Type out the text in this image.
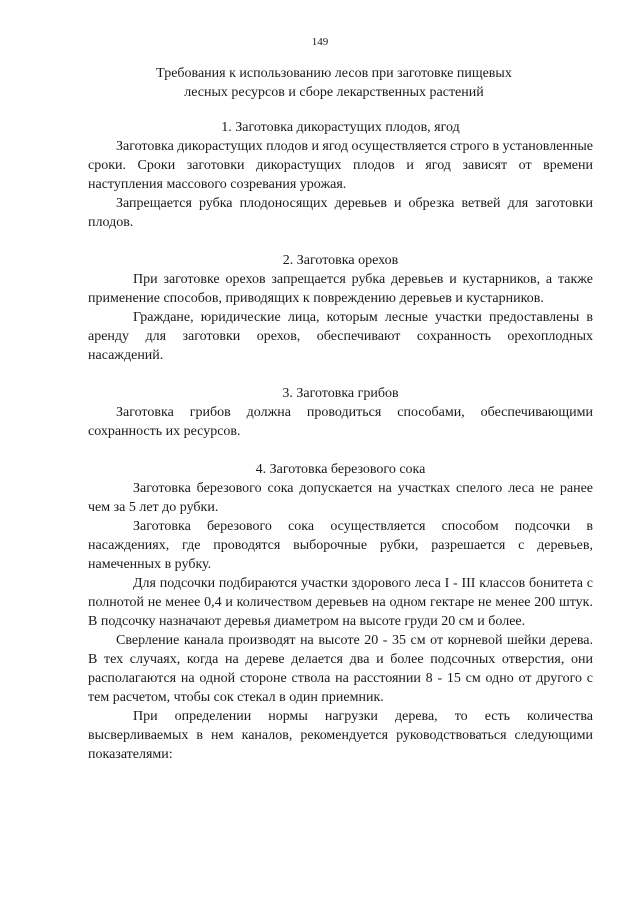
149
Требования к использованию лесов при заготовке пищевых
лесных ресурсов и сборе лекарственных растений
1. Заготовка дикорастущих плодов, ягод

Заготовка дикорастущих плодов и ягод осуществляется строго в установленные сроки. Сроки заготовки дикорастущих плодов и ягод зависят от времени наступления массового созревания урожая.

Запрещается рубка плодоносящих деревьев и обрезка ветвей для заготовки плодов.

2. Заготовка орехов

При заготовке орехов запрещается рубка деревьев и кустарников, а также применение способов, приводящих к повреждению деревьев и кустарников.

Граждане, юридические лица, которым лесные участки предоставлены в аренду для заготовки орехов, обеспечивают сохранность орехоплодных насаждений.

3. Заготовка грибов

Заготовка грибов должна проводиться способами, обеспечивающими сохранность их ресурсов.

4. Заготовка березового сока

Заготовка березового сока допускается на участках спелого леса не ранее чем за 5 лет до рубки.

Заготовка березового сока осуществляется способом подсочки в насаждениях, где проводятся выборочные рубки, разрешается с деревьев, намеченных в рубку.

Для подсочки подбираются участки здорового леса I - III классов бонитета с полнотой не менее 0,4 и количеством деревьев на одном гектаре не менее 200 штук. В подсочку назначают деревья диаметром на высоте груди 20 см и более.

Сверление канала производят на высоте 20 - 35 см от корневой шейки дерева. В тех случаях, когда на дереве делается два и более подсочных отверстия, они располагаются на одной стороне ствола на расстоянии 8 - 15 см одно от другого с тем расчетом, чтобы сок стекал в один приемник.

При определении нормы нагрузки дерева, то есть количества высверливаемых в нем каналов, рекомендуется руководствоваться следующими показателями:
